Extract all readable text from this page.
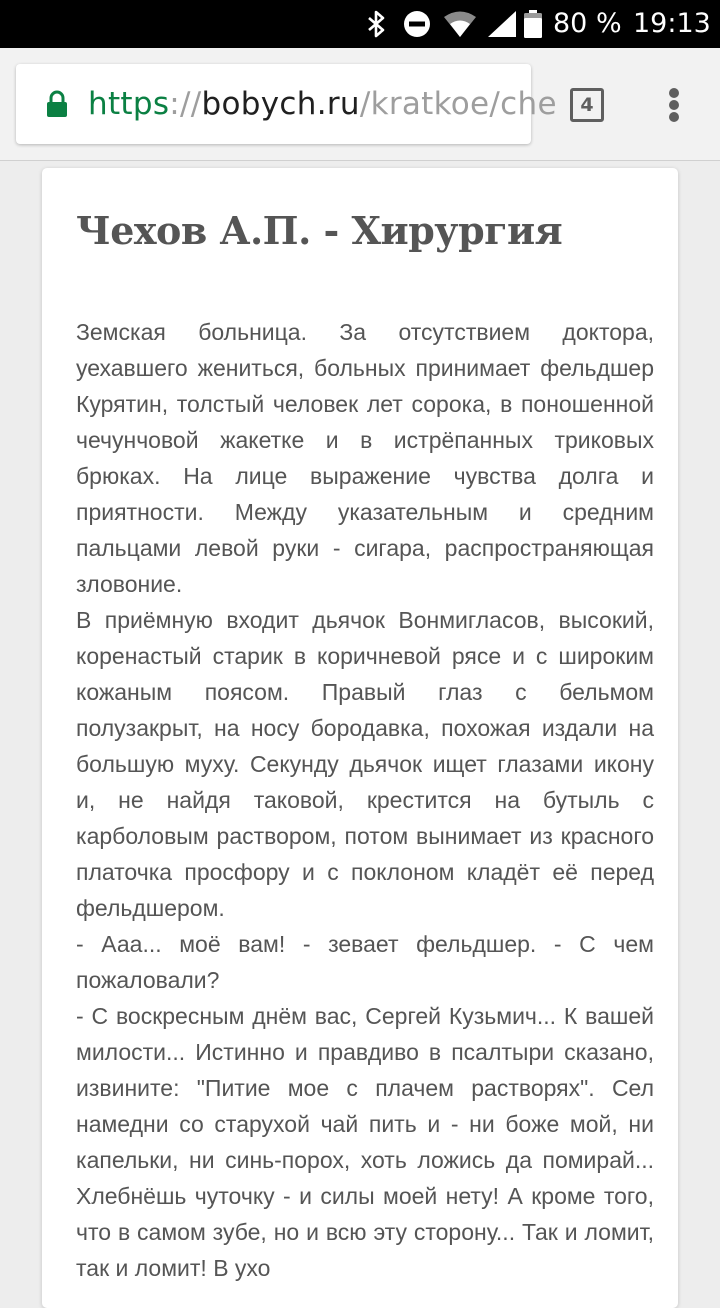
80 % 19:13
https://bobych.ru/kratkoe/che	4
Чехов А.П. - Хирургия

Земская больница. За отсутствием доктора, уехавшего жениться, больных принимает фельдшер Курятин, толстый человек лет сорока, в поношенной чечунчовой жакетке и в истрёпанных триковых брюках. На лице выражение чувства долга и приятности. Между указательным и средним пальцами левой руки - сигара, распространяющая зловоние.

В приёмную входит дьячок Вонмигласов, высокий, коренастый старик в коричневой рясе и с широким кожаным поясом. Правый глаз с бельмом полузакрыт, на носу бородавка, похожая издали на большую муху. Секунду дьячок ищет глазами икону и, не найдя таковой, крестится на бутыль с карболовым раствором, потом вынимает из красного платочка просфору и с поклоном кладёт её перед фельдшером.

- Ааа... моё вам! - зевает фельдшер. - С чем пожаловали?

- С воскресным днём вас, Сергей Кузьмич... К вашей милости... Истинно и правдиво в псалтыри сказано, извините: "Питие мое с плачем растворях". Сел намедни со старухой чай пить и - ни боже мой, ни капельки, ни синь-порох, хоть ложись да помирай... Хлебнёшь чуточку - и силы моей нету! А кроме того, что в самом зубе, но и всю эту сторону... Так и ломит, так и ломит! В ухо
